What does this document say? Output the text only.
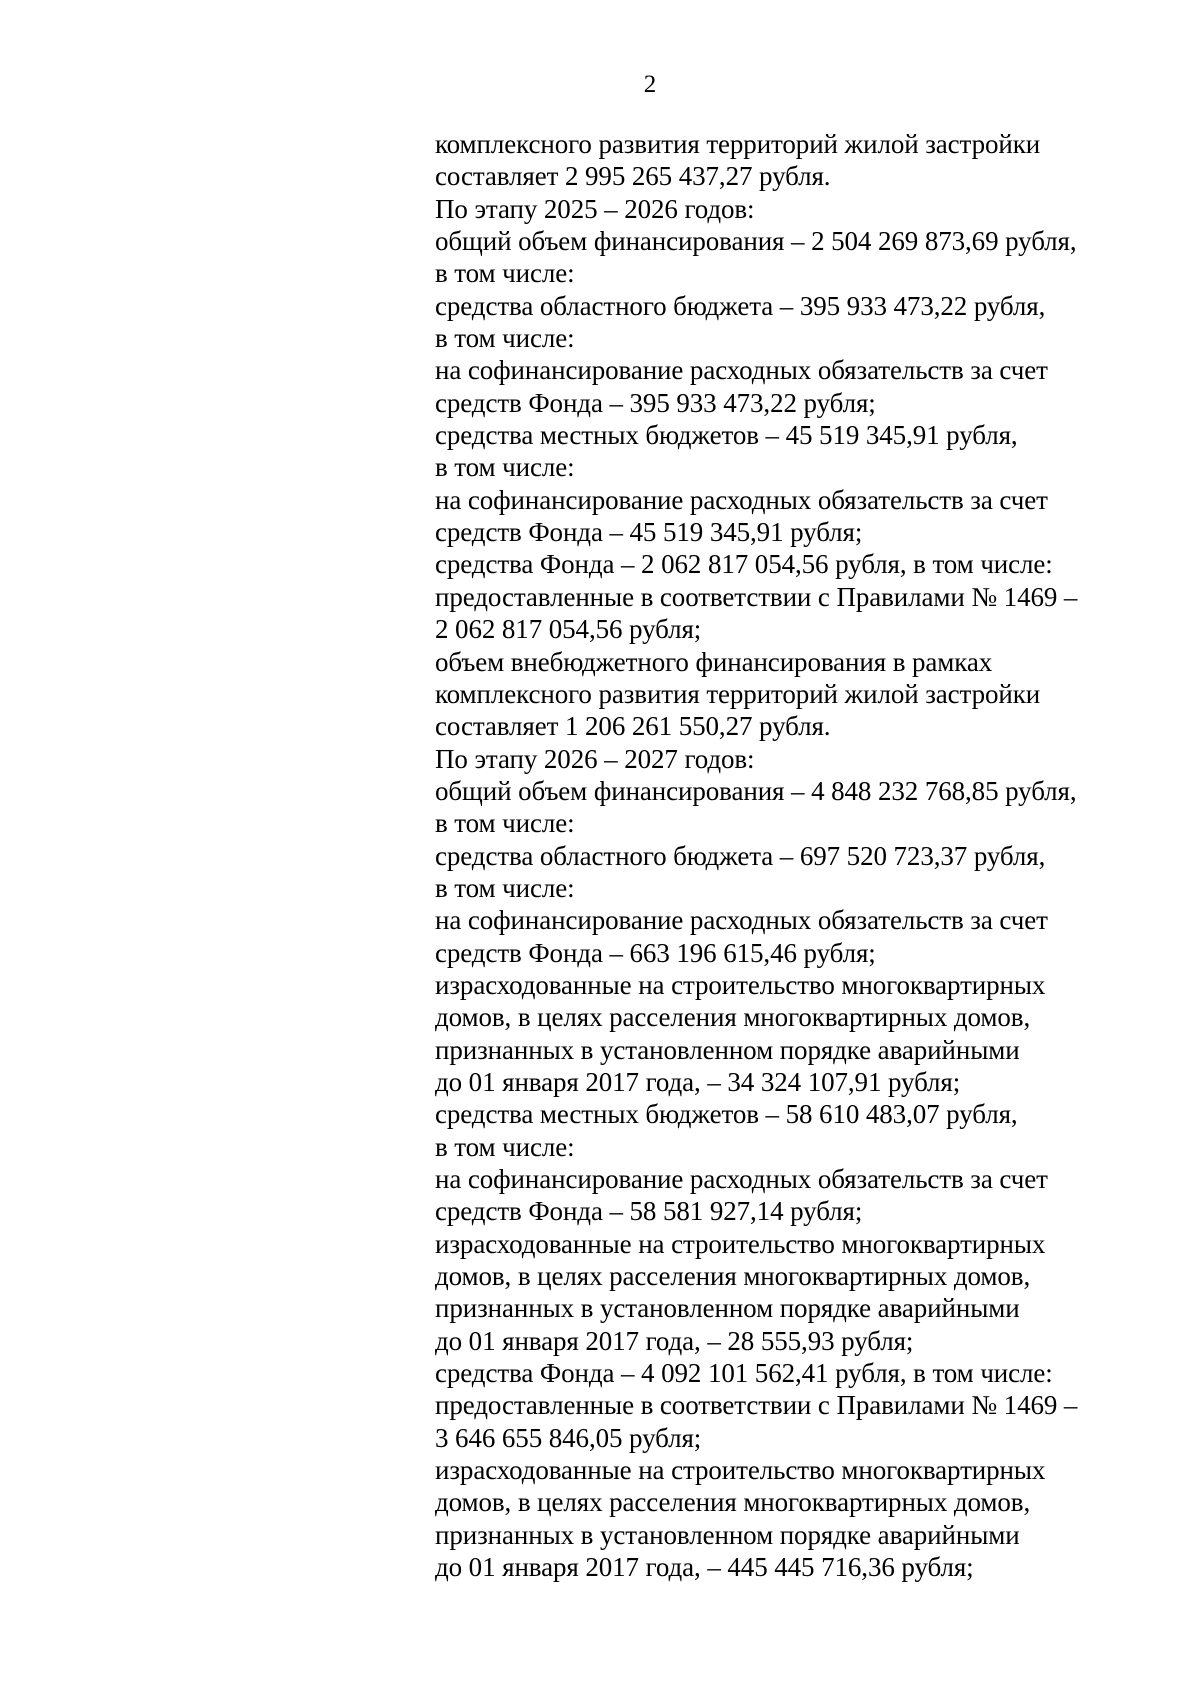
2
комплексного развития территорий жилой застройки
составляет 2 995 265 437,27 рубля.
По этапу 2025 – 2026 годов:
общий объем финансирования – 2 504 269 873,69 рубля,
в том числе:
средства областного бюджета – 395 933 473,22 рубля,
в том числе:
на софинансирование расходных обязательств за счет
средств Фонда – 395 933 473,22 рубля;
средства местных бюджетов – 45 519 345,91 рубля,
в том числе:
на софинансирование расходных обязательств за счет
средств Фонда – 45 519 345,91 рубля;
средства Фонда – 2 062 817 054,56 рубля, в том числе:
предоставленные в соответствии с Правилами № 1469 –
2 062 817 054,56 рубля;
объем внебюджетного финансирования в рамках
комплексного развития территорий жилой застройки
составляет 1 206 261 550,27 рубля.
По этапу 2026 – 2027 годов:
общий объем финансирования – 4 848 232 768,85 рубля,
в том числе:
средства областного бюджета – 697 520 723,37 рубля,
в том числе:
на софинансирование расходных обязательств за счет
средств Фонда – 663 196 615,46 рубля;
израсходованные на строительство многоквартирных
домов, в целях расселения многоквартирных домов,
признанных в установленном порядке аварийными
до 01 января 2017 года, – 34 324 107,91 рубля;
средства местных бюджетов – 58 610 483,07 рубля,
в том числе:
на софинансирование расходных обязательств за счет
средств Фонда – 58 581 927,14 рубля;
израсходованные на строительство многоквартирных
домов, в целях расселения многоквартирных домов,
признанных в установленном порядке аварийными
до 01 января 2017 года, – 28 555,93 рубля;
средства Фонда – 4 092 101 562,41 рубля, в том числе:
предоставленные в соответствии с Правилами № 1469 –
3 646 655 846,05 рубля;
израсходованные на строительство многоквартирных
домов, в целях расселения многоквартирных домов,
признанных в установленном порядке аварийными
до 01 января 2017 года, – 445 445 716,36 рубля;
